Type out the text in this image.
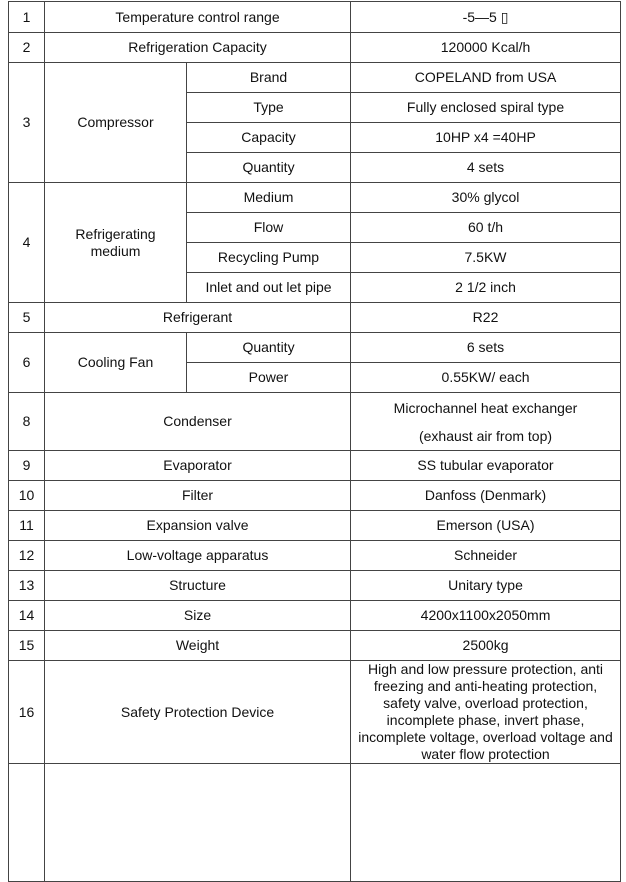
1	Temperature control range		-5—5 ▯
2	Refrigeration Capacity		120000 Kcal/h
3	Compressor	Brand	COPELAND from USA
		Type	Fully enclosed spiral type
		Capacity	10HP x4 =40HP
		Quantity	4 sets
4	Refrigerating medium	Medium	30% glycol
		Flow	60 t/h
		Recycling Pump	7.5KW
		Inlet and out let pipe	2 1/2 inch
5	Refrigerant		R22
6	Cooling Fan	Quantity	6 sets
		Power	0.55KW/ each
8	Condenser		Microchannel heat exchanger
(exhaust air from top)

9	Evaporator		SS tubular evaporator
10	Filter		Danfoss (Denmark)
11	Expansion valve		Emerson (USA)
12	Low-voltage apparatus		Schneider
13	Structure		Unitary type
14	Size		4200x1100x2050mm
15	Weight		2500kg
16	Safety Protection Device		High and low pressure protection, anti freezing and anti-heating protection, safety valve, overload protection, incomplete phase, invert phase, incomplete voltage, overload voltage and water flow protection
